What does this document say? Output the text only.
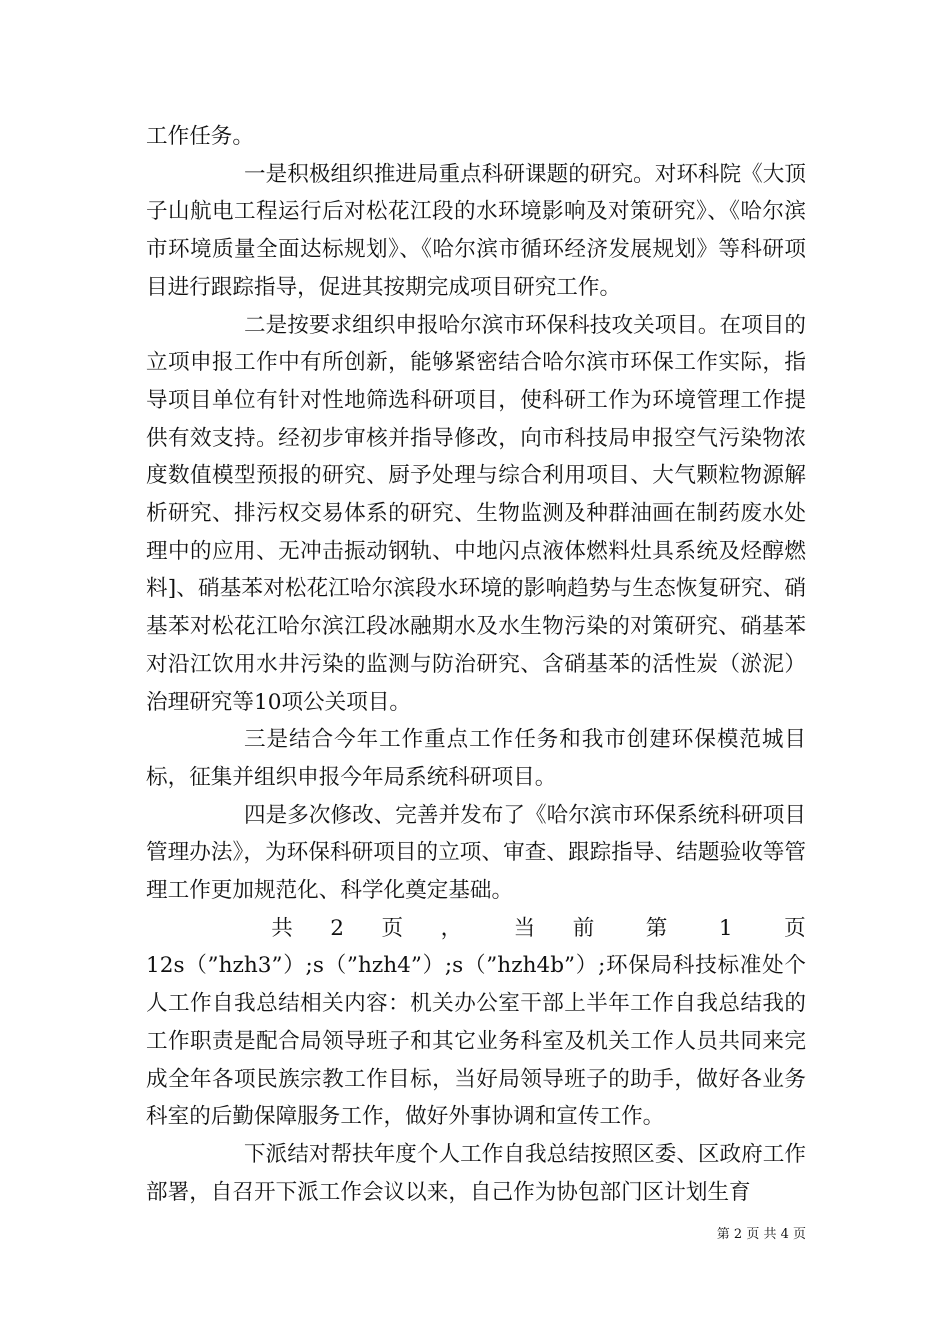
工作任务。

一是积极组织推进局重点科研课题的研究。对环科院《大顶子山航电工程运行后对松花江段的水环境影响及对策研究》、《哈尔滨市环境质量全面达标规划》、《哈尔滨市循环经济发展规划》等科研项目进行跟踪指导，促进其按期完成项目研究工作。

二是按要求组织申报哈尔滨市环保科技攻关项目。在项目的立项申报工作中有所创新，能够紧密结合哈尔滨市环保工作实际，指导项目单位有针对性地筛选科研项目，使科研工作为环境管理工作提供有效支持。经初步审核并指导修改，向市科技局申报空气污染物浓度数值模型预报的研究、厨予处理与综合利用项目、大气颗粒物源解析研究、排污权交易体系的研究、生物监测及种群油画在制药废水处理中的应用、无冲击振动钢轨、中地闪点液体燃料灶具系统及烃醇燃料]、硝基苯对松花江哈尔滨段水环境的影响趋势与生态恢复研究、硝基苯对松花江哈尔滨江段冰融期水及水生物污染的对策研究、硝基苯对沿江饮用水井污染的监测与防治研究、含硝基苯的活性炭（淤泥）治理研究等10项公关项目。

三是结合今年工作重点工作任务和我市创建环保模范城目标，征集并组织申报今年局系统科研项目。

四是多次修改、完善并发布了《哈尔滨市环保系统科研项目管理办法》，为环保科研项目的立项、审查、跟踪指导、结题验收等管理工作更加规范化、科学化奠定基础。

共 2 页 ， 当 前 第 1 页

12s（”hzh3”）;s（”hzh4”）;s（”hzh4b”）;环保局科技标准处个人工作自我总结相关内容：机关办公室干部上半年工作自我总结我的工作职责是配合局领导班子和其它业务科室及机关工作人员共同来完成全年各项民族宗教工作目标，当好局领导班子的助手，做好各业务科室的后勤保障服务工作，做好外事协调和宣传工作。

下派结对帮扶年度个人工作自我总结按照区委、区政府工作部署，自召开下派工作会议以来，自己作为协包部门区计划生育

第 2 页 共 4 页
